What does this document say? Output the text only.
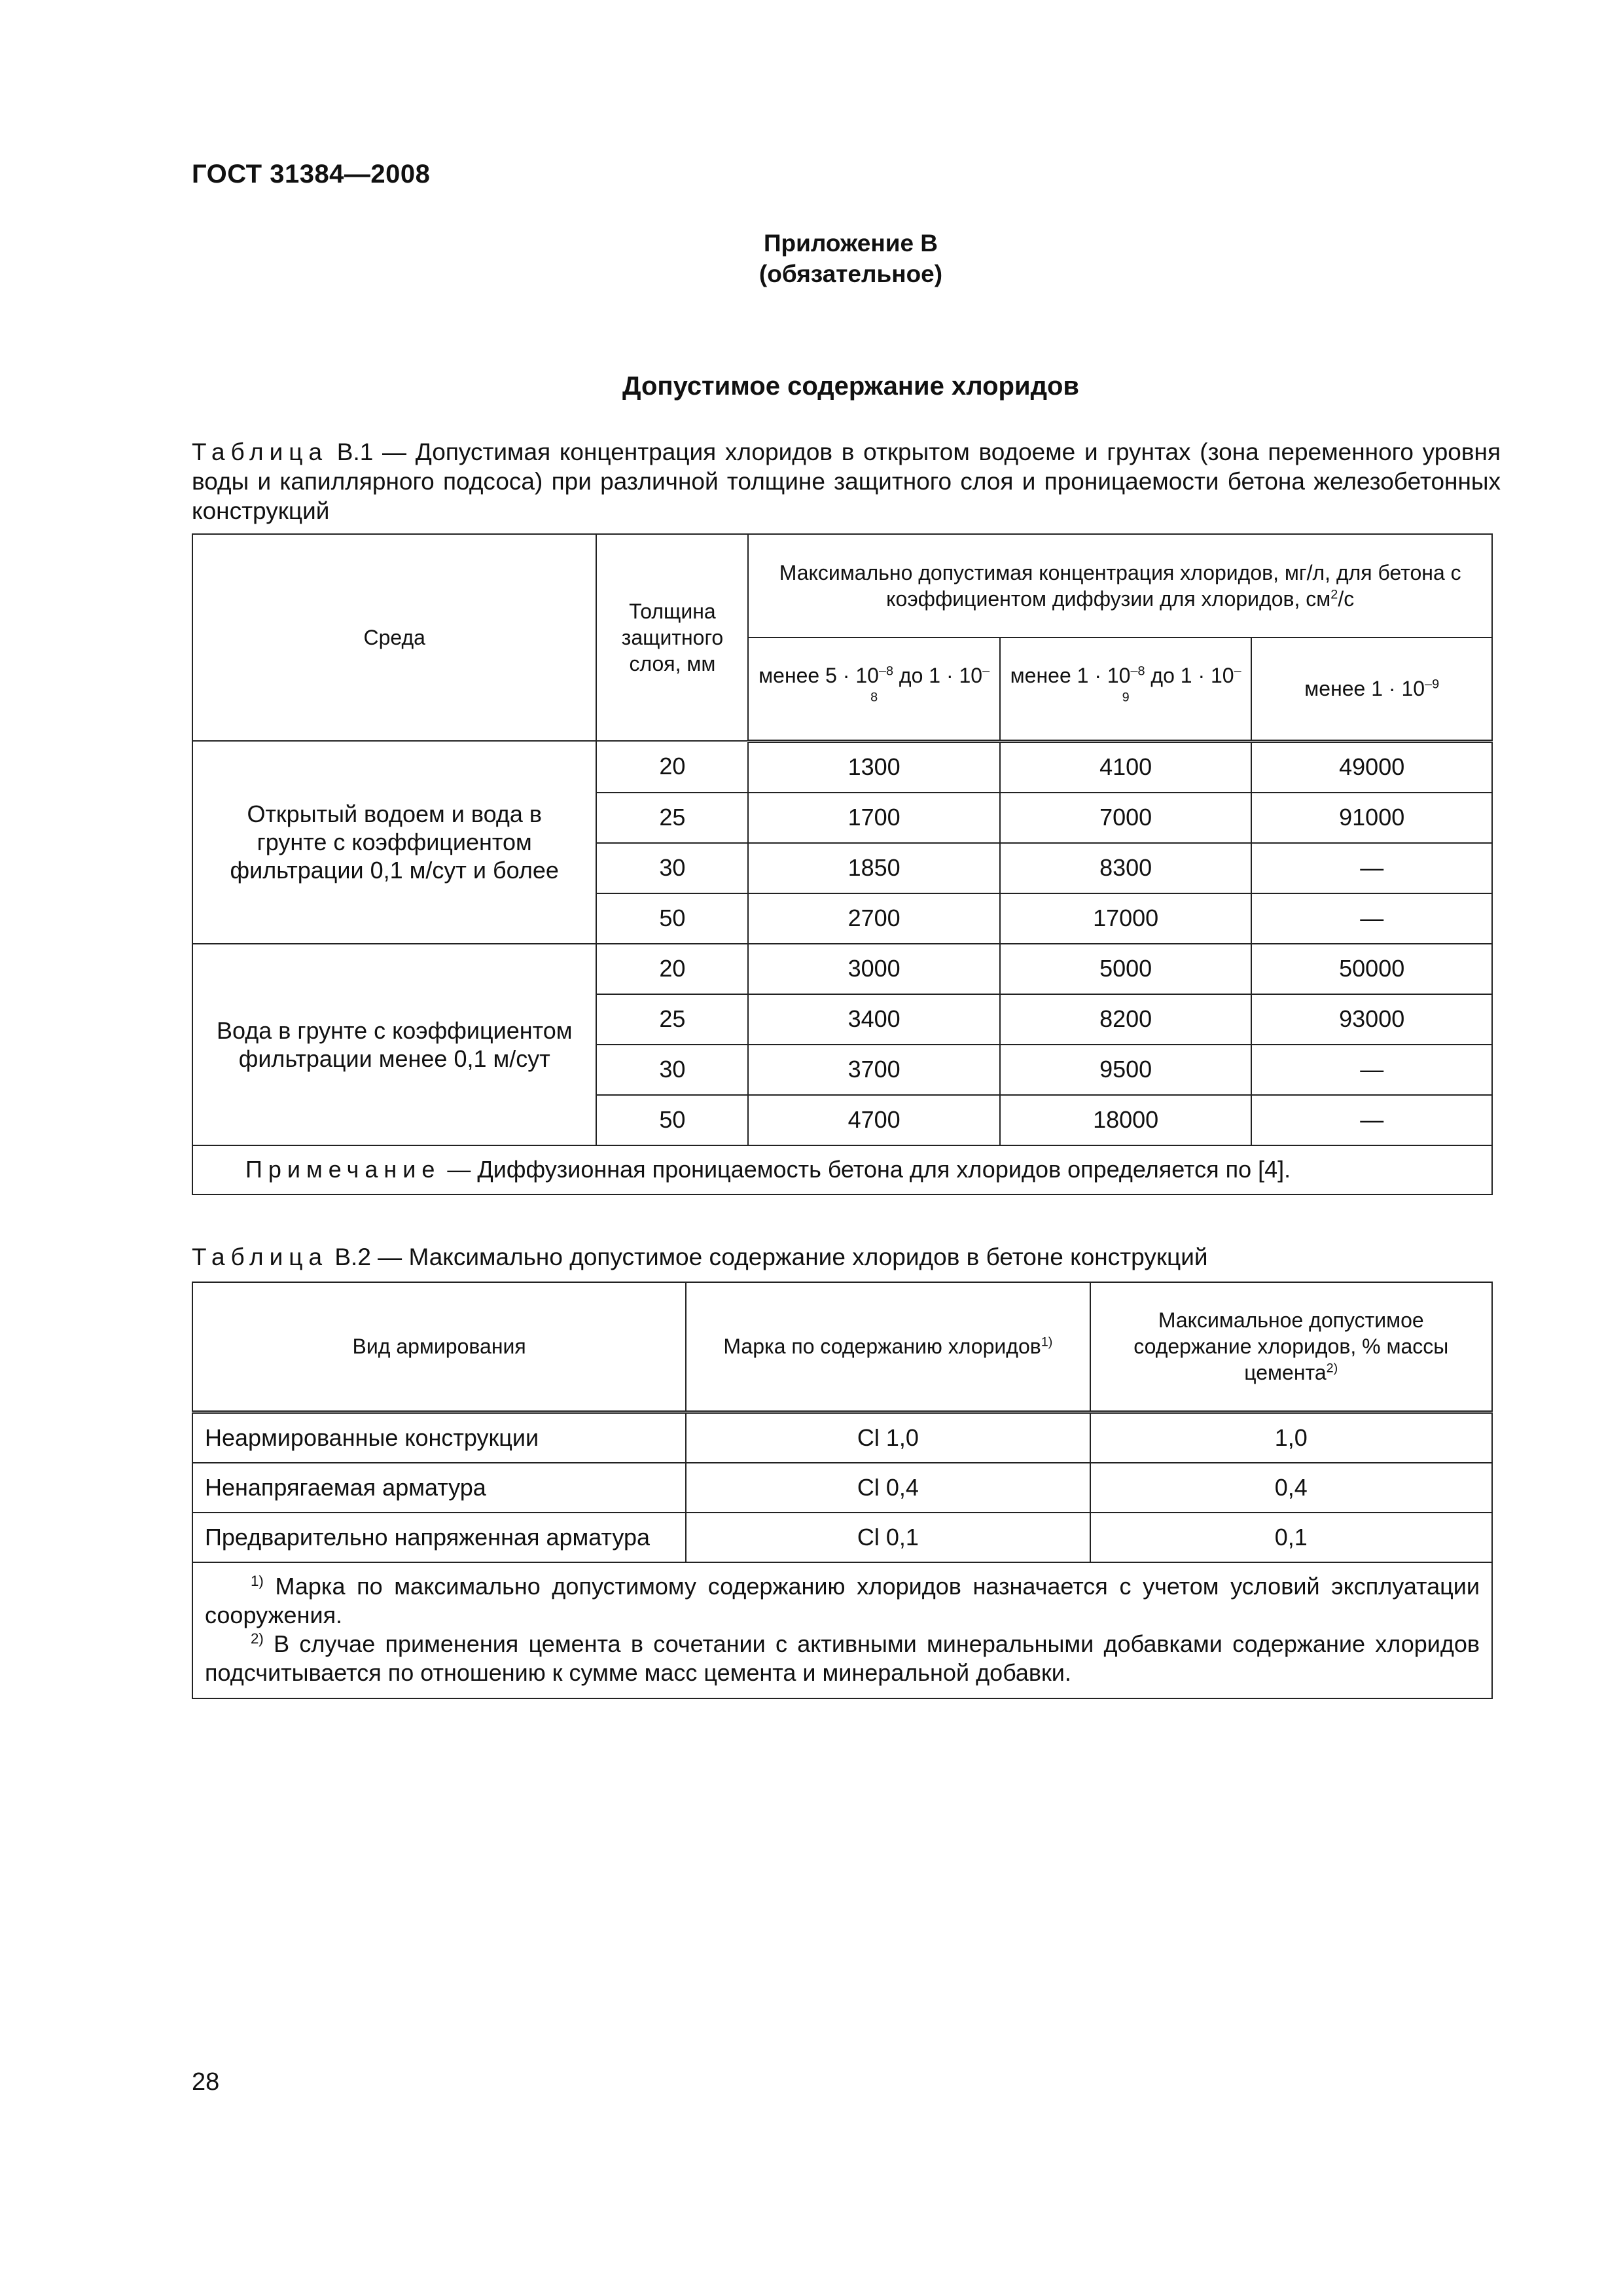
ГОСТ 31384—2008
Приложение В
(обязательное)
Допустимое содержание хлоридов
Таблица В.1 — Допустимая концентрация хлоридов в открытом водоеме и грунтах (зона переменного уровня воды и капиллярного подсоса) при различной толщине защитного слоя и проницаемости бетона железобетонных конструкций
Среда	Толщина защитного слоя, мм	Максимально допустимая концентрация хлоридов, мг/л, для бетона с коэффициентом диффузии для хлоридов, $см^2/с$		
		менее $5 \cdot 10^{-8}$ до $1 \cdot 10^{-8}$	менее $1 \cdot 10^{-8}$ до $1 \cdot 10^{-9}$	менее $1 \cdot 10^{-9}$
Открытый водоем и вода в грунте с коэффициентом фильтрации 0,1 м/сут и более	20	1300	4100	49000
	25	1700	7000	91000
	30	1850	8300	—
	50	2700	17000	—
Вода в грунте с коэффициентом фильтрации менее 0,1 м/сут	20	3000	5000	50000
	25	3400	8200	93000
	30	3700	9500	—
	50	4700	18000	—
Примечание — Диффузионная проницаемость бетона для хлоридов определяется по [4].				
Таблица В.2 — Максимально допустимое содержание хлоридов в бетоне конструкций
Вид армирования	Марка по содержанию хлоридов$^{1)}$	Максимальное допустимое содержание хлоридов, % массы цемента$^{2)}$
Неармированные конструкции	Cl 1,0	1,0
Ненапрягаемая арматура	Cl 0,4	0,4
Предварительно напряженная арматура	Cl 0,1	0,1

$^{1)}$ Марка по максимально допустимому содержанию хлоридов назначается с учетом условий эксплуатации сооружения.
$^{2)}$ В случае применения цемента в сочетании с активными минеральными добавками содержание хлоридов подсчитывается по отношению к сумме масс цемента и минеральной добавки.		
28
